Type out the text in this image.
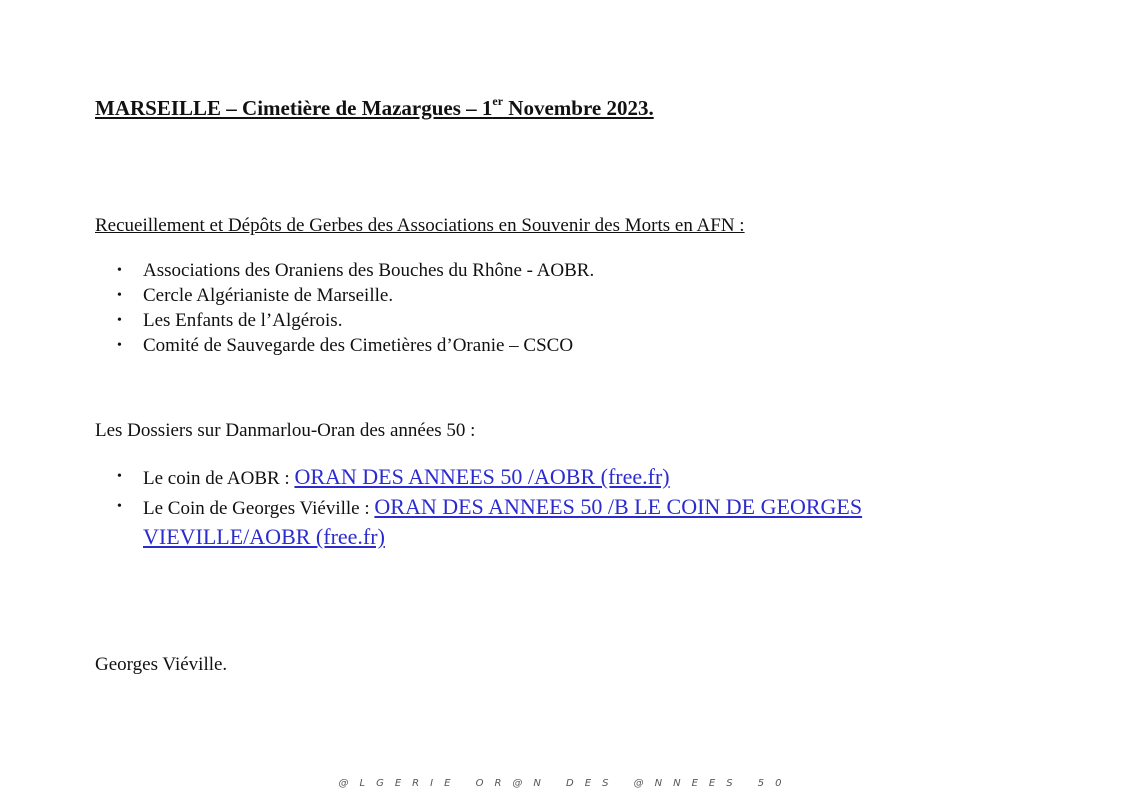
MARSEILLE – Cimetière de Mazargues – 1er Novembre 2023.
Recueillement et Dépôts de Gerbes des Associations en Souvenir des Morts en AFN :
• Associations des Oraniens des Bouches du Rhône - AOBR.
• Cercle Algérianiste de Marseille.
• Les Enfants de l’Algérois.
• Comité de Sauvegarde des Cimetières d’Oranie – CSCO
Les Dossiers sur Danmarlou-Oran des années 50 :
• Le coin de AOBR : ORAN DES ANNEES 50 /AOBR (free.fr)
• Le Coin de Georges Viéville : ORAN DES ANNEES 50 /B LE COIN DE GEORGES VIEVILLE/AOBR (free.fr)
Georges Viéville.
@LGERIE OR@N DES @NNEES 50
